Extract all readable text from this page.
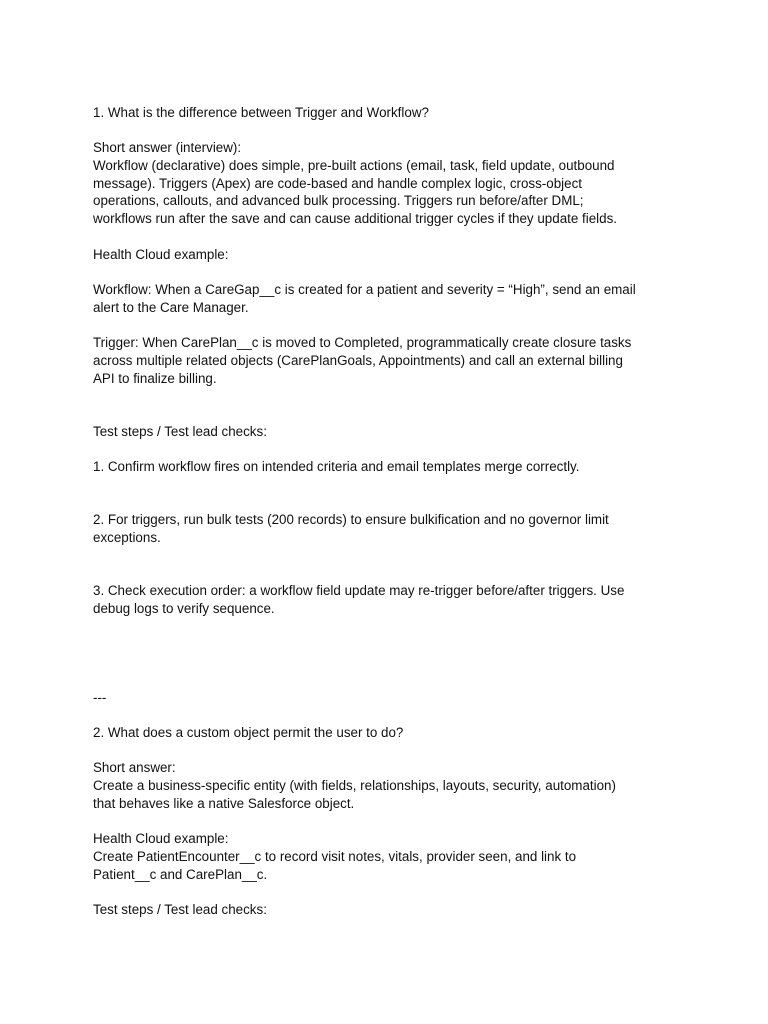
1. What is the difference between Trigger and Workflow?
Short answer (interview):
Workflow (declarative) does simple, pre-built actions (email, task, field update, outbound
message). Triggers (Apex) are code-based and handle complex logic, cross-object
operations, callouts, and advanced bulk processing. Triggers run before/after DML;
workflows run after the save and can cause additional trigger cycles if they update fields.
Health Cloud example:
Workflow: When a CareGap__c is created for a patient and severity = “High”, send an email
alert to the Care Manager.
Trigger: When CarePlan__c is moved to Completed, programmatically create closure tasks
across multiple related objects (CarePlanGoals, Appointments) and call an external billing
API to finalize billing.
Test steps / Test lead checks:
1. Confirm workflow fires on intended criteria and email templates merge correctly.
2. For triggers, run bulk tests (200 records) to ensure bulkification and no governor limit
exceptions.
3. Check execution order: a workflow field update may re-trigger before/after triggers. Use
debug logs to verify sequence.
---
2. What does a custom object permit the user to do?
Short answer:
Create a business-specific entity (with fields, relationships, layouts, security, automation)
that behaves like a native Salesforce object.
Health Cloud example:
Create PatientEncounter__c to record visit notes, vitals, provider seen, and link to
Patient__c and CarePlan__c.
Test steps / Test lead checks:
